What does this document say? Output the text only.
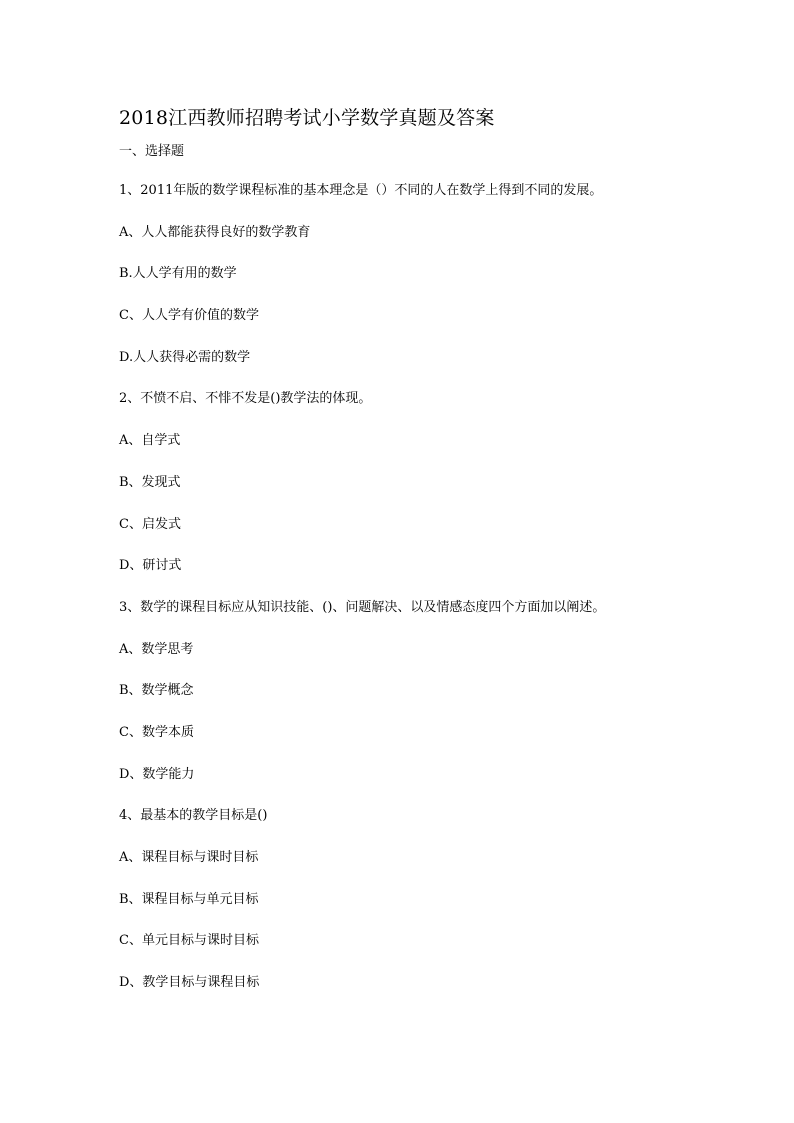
2018江西教师招聘考试小学数学真题及答案
一、选择题
1、2011年版的数学课程标准的基本理念是（）不同的人在数学上得到不同的发展。
A、人人都能获得良好的数学教育
B.人人学有用的数学
C、人人学有价值的数学
D.人人获得必需的数学
2、不愤不启、不悱不发是()教学法的体现。
A、自学式
B、发现式
C、启发式
D、研讨式
3、数学的课程目标应从知识技能、()、问题解决、以及情感态度四个方面加以阐述。
A、数学思考
B、数学概念
C、数学本质
D、数学能力
4、最基本的教学目标是()
A、课程目标与课时目标
B、课程目标与单元目标
C、单元目标与课时目标
D、教学目标与课程目标
